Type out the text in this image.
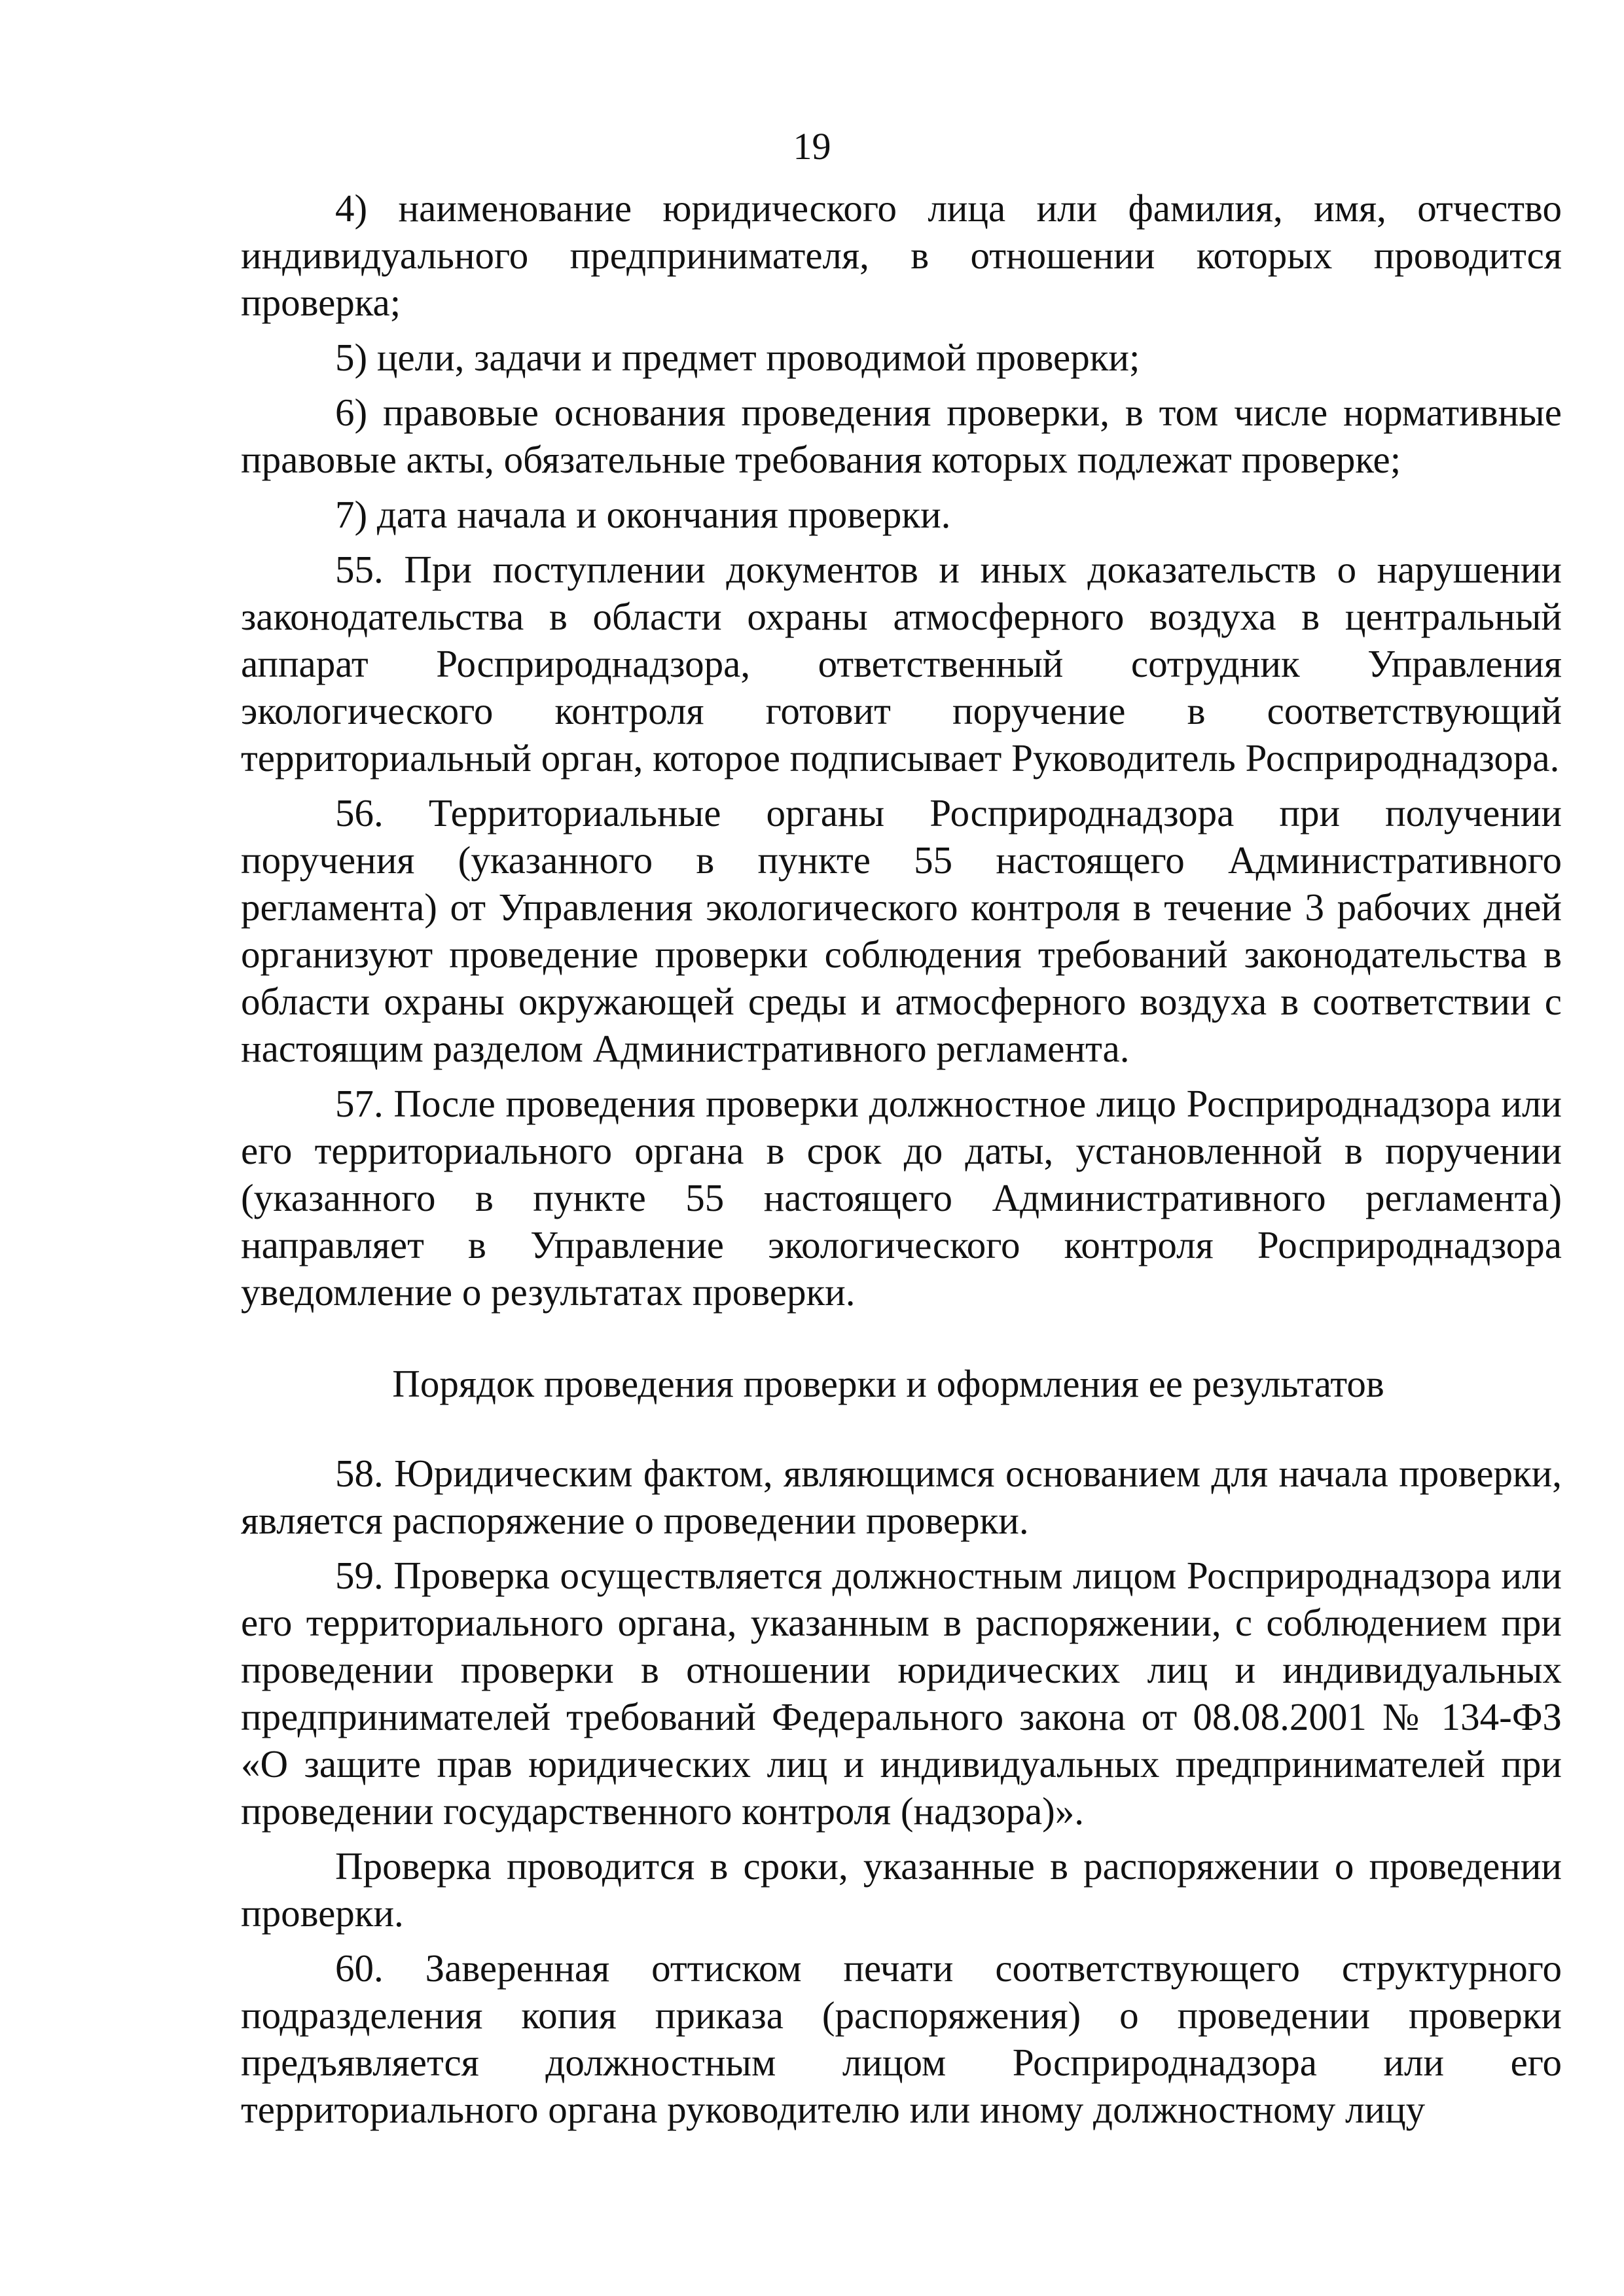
19

4) наименование юридического лица или фамилия, имя, отчество индивидуального предпринимателя, в отношении которых проводится проверка;

5) цели, задачи и предмет проводимой проверки;

6) правовые основания проведения проверки, в том числе нормативные правовые акты, обязательные требования которых подлежат проверке;

7) дата начала и окончания проверки.

55. При поступлении документов и иных доказательств о нарушении законодательства в области охраны атмосферного воздуха в центральный аппарат Росприроднадзора, ответственный сотрудник Управления экологического контроля готовит поручение в соответствующий территориальный орган, которое подписывает Руководитель Росприроднадзора.

56. Территориальные органы Росприроднадзора при получении поручения (указанного в пункте 55 настоящего Административного регламента) от Управления экологического контроля в течение 3 рабочих дней организуют проведение проверки соблюдения требований законодательства в области охраны окружающей среды и атмосферного воздуха в соответствии с настоящим разделом Административного регламента.

57. После проведения проверки должностное лицо Росприроднадзора или его территориального органа в срок до даты, установленной в поручении (указанного в пункте 55 настоящего Административного регламента) направляет в Управление экологического контроля Росприроднадзора уведомление о результатах проверки.

Порядок проведения проверки и оформления ее результатов

58. Юридическим фактом, являющимся основанием для начала проверки, является распоряжение о проведении проверки.

59. Проверка осуществляется должностным лицом Росприроднадзора или его территориального органа, указанным в распоряжении, с соблюдением при проведении проверки в отношении юридических лиц и индивидуальных предпринимателей требований Федерального закона от 08.08.2001 № 134-ФЗ «О защите прав юридических лиц и индивидуальных предпринимателей при проведении государственного контроля (надзора)».

Проверка проводится в сроки, указанные в распоряжении о проведении проверки.

60. Заверенная оттиском печати соответствующего структурного подразделения копия приказа (распоряжения) о проведении проверки предъявляется должностным лицом Росприроднадзора или его территориального органа руководителю или иному должностному лицу
